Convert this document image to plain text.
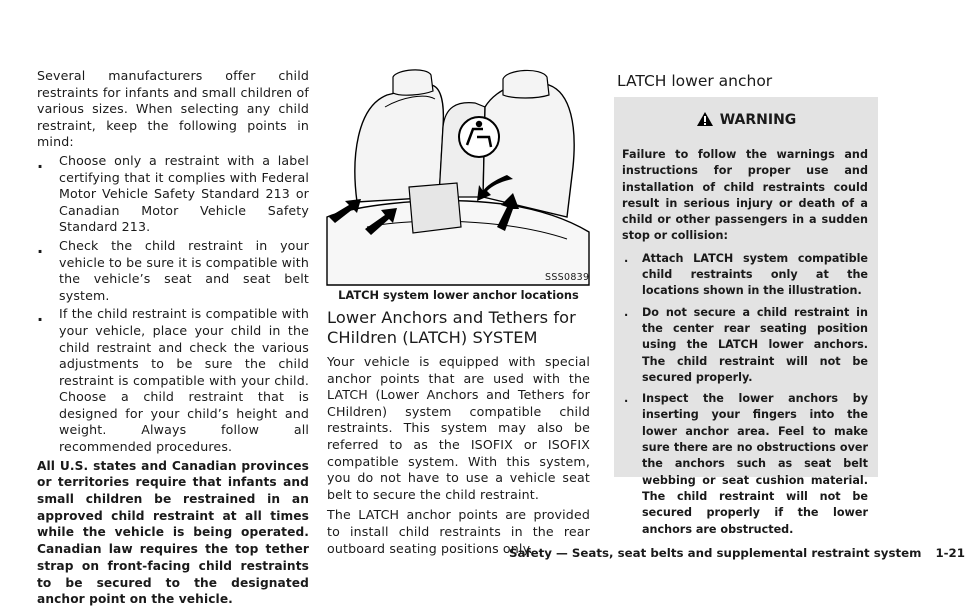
Several manufacturers offer child restraints for infants and small children of various sizes. When selecting any child restraint, keep the following points in mind:

.	Choose only a restraint with a label certifying that it complies with Federal Motor Vehicle Safety Standard 213 or Canadian Motor Vehicle Safety Standard 213.
.	Check the child restraint in your vehicle to be sure it is compatible with the vehicle’s seat and seat belt system.
.	If the child restraint is compatible with your vehicle, place your child in the child restraint and check the various adjustments to be sure the child restraint is compatible with your child. Choose a child restraint that is designed for your child’s height and weight. Always follow all recommended procedures.

All U.S. states and Canadian provinces or territories require that infants and small children be restrained in an approved child restraint at all times while the vehicle is being operated. Canadian law requires the top tether strap on front-facing child restraints to be secured to the designated anchor point on the vehicle.

SSS0839
LATCH system lower anchor locations
Lower Anchors and Tethers for CHildren (LATCH) SYSTEM

Your vehicle is equipped with special anchor points that are used with the LATCH (Lower Anchors and Tethers for CHildren) system compatible child restraints. This system may also be referred to as the ISOFIX or ISOFIX compatible system. With this system, you do not have to use a vehicle seat belt to secure the child restraint.

The LATCH anchor points are provided to install child restraints in the rear outboard seating positions only.

LATCH lower anchor
WARNING

Failure to follow the warnings and instructions for proper use and installation of child restraints could result in serious injury or death of a child or other passengers in a sudden stop or collision:

. Attach LATCH system compatible child restraints only at the locations shown in the illustration.
. Do not secure a child restraint in the center rear seating position using the LATCH lower anchors. The child restraint will not be secured properly.
. Inspect the lower anchors by inserting your fingers into the lower anchor area. Feel to make sure there are no obstructions over the anchors such as seat belt webbing or seat cushion material. The child restraint will not be secured properly if the lower anchors are obstructed.
Safety — Seats, seat belts and supplemental restraint system 1-21
